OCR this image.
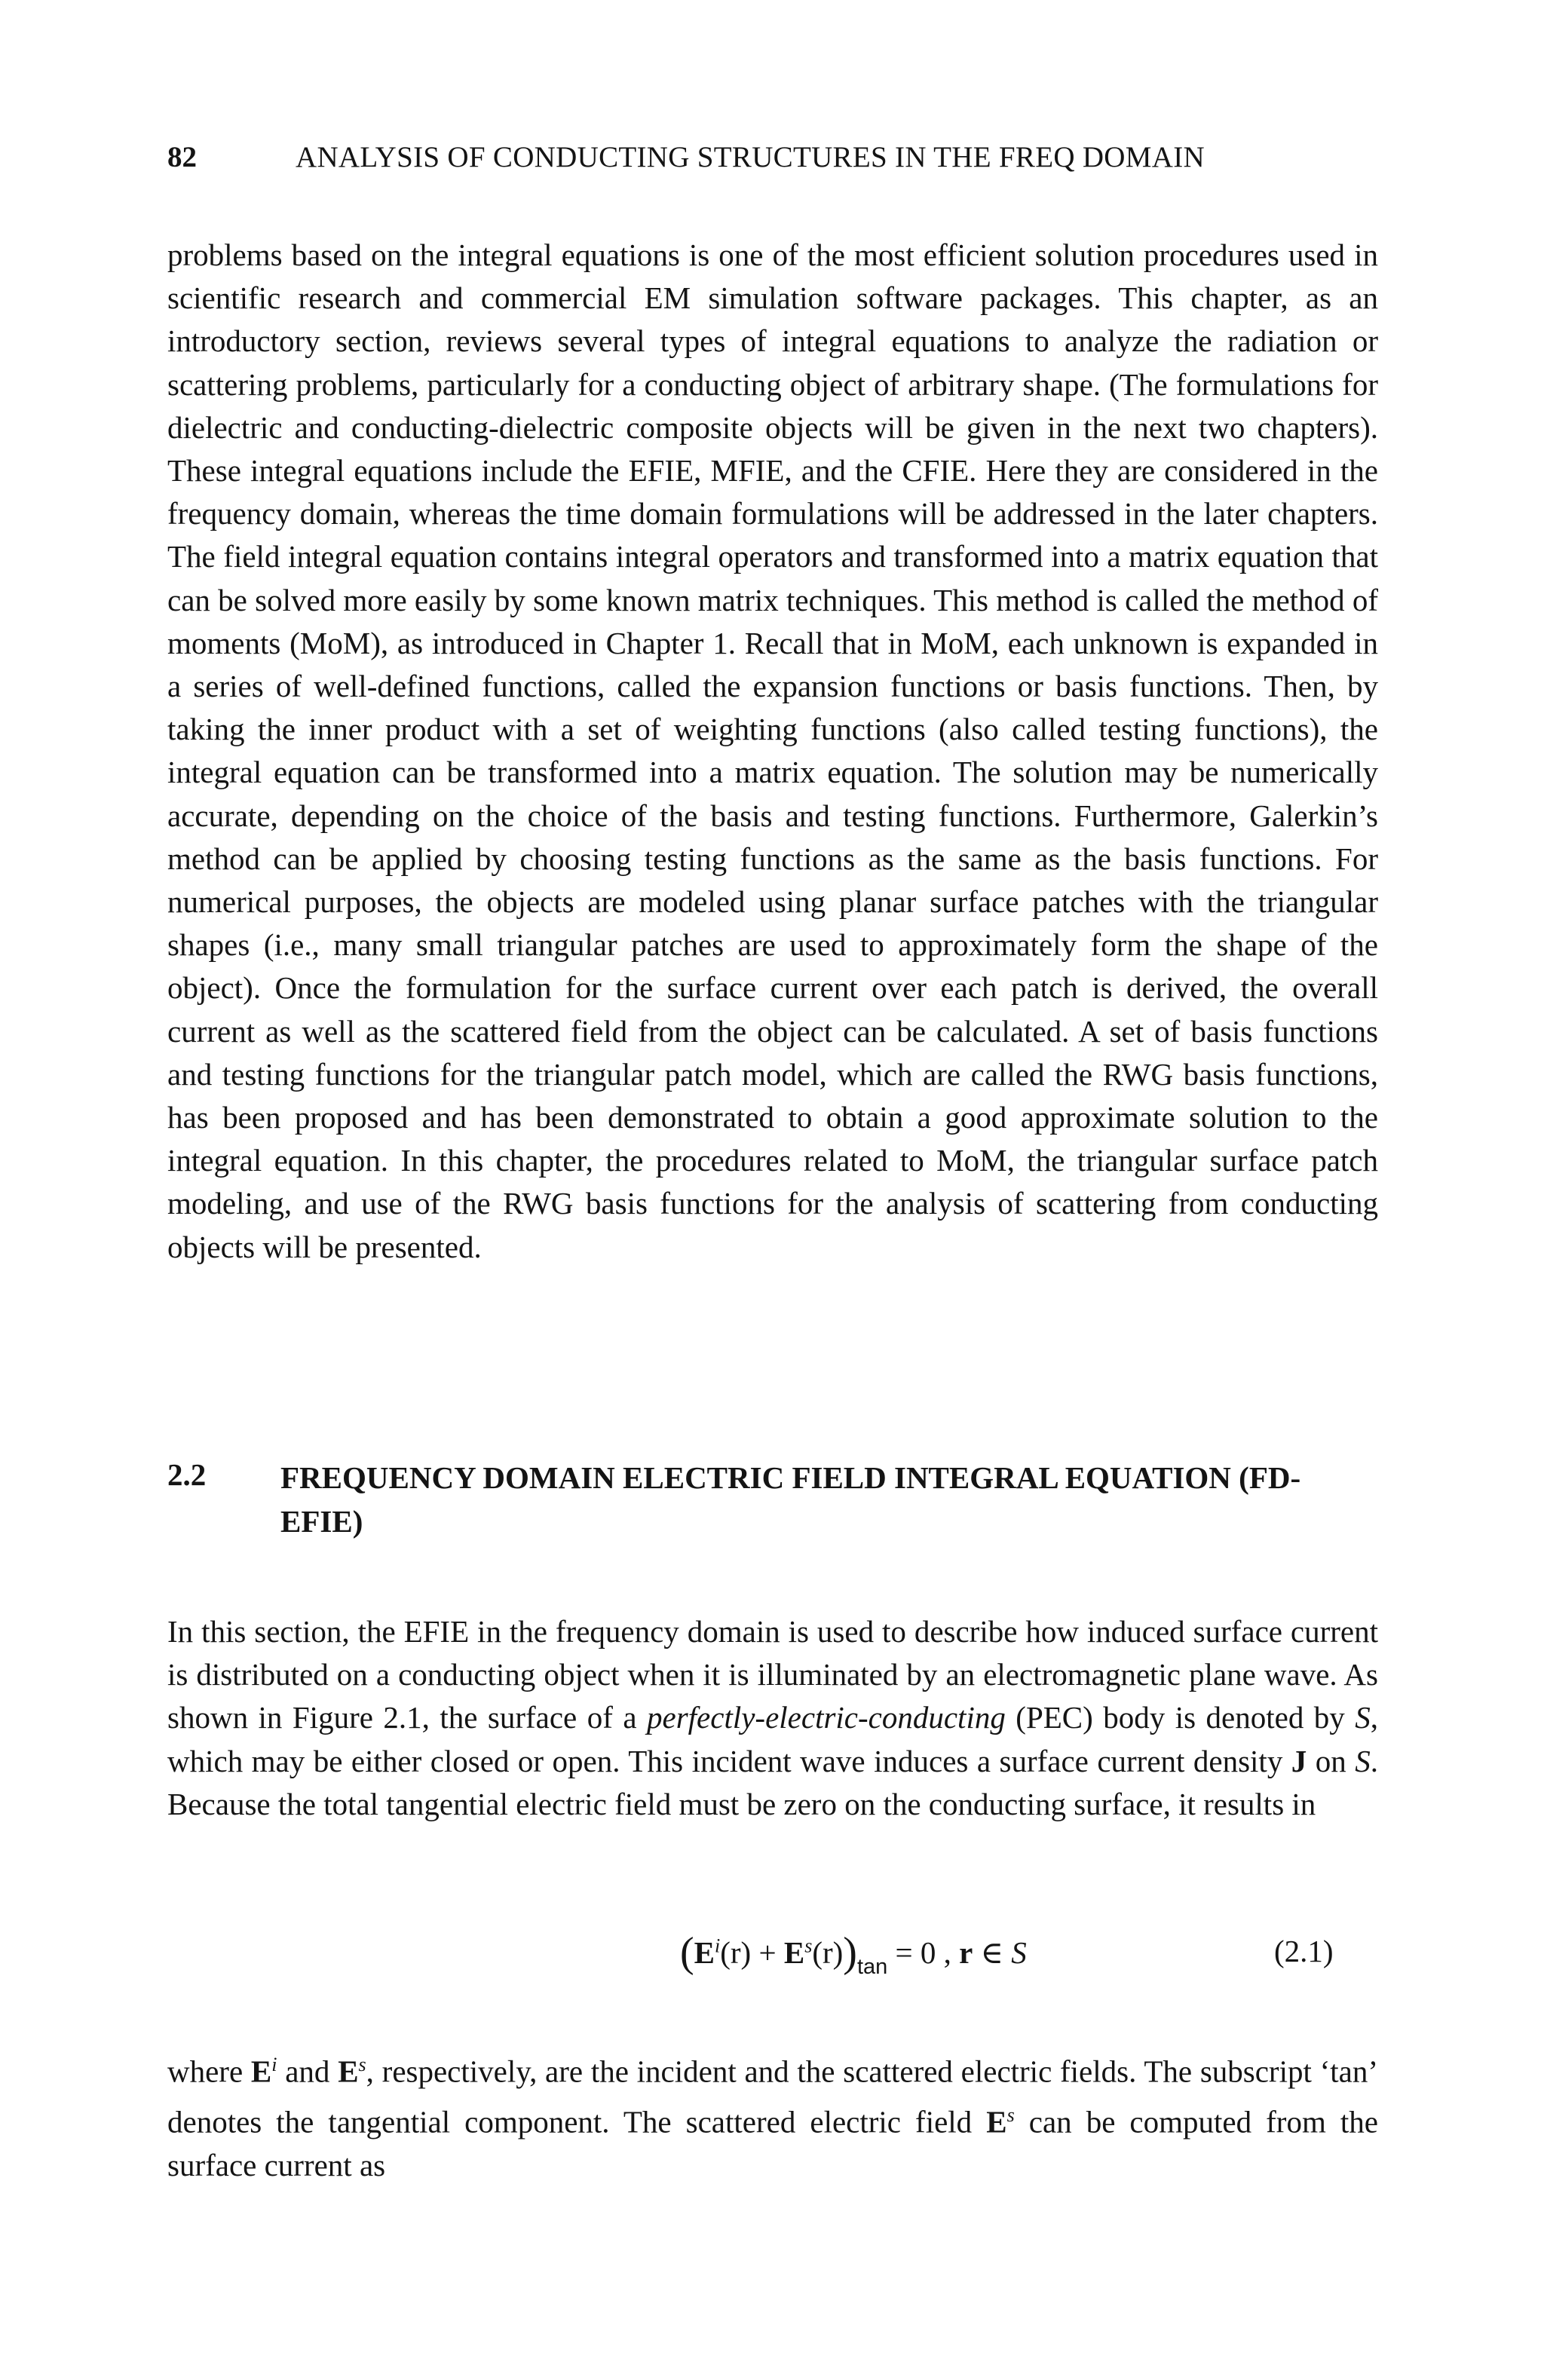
82	ANALYSIS OF CONDUCTING STRUCTURES IN THE FREQ DOMAIN

problems based on the integral equations is one of the most efficient solution procedures used in scientific research and commercial EM simulation software packages. This chapter, as an introductory section, reviews several types of integral equations to analyze the radiation or scattering problems, particularly for a conducting object of arbitrary shape. (The formulations for dielectric and conducting-dielectric composite objects will be given in the next two chapters). These integral equations include the EFIE, MFIE, and the CFIE. Here they are considered in the frequency domain, whereas the time domain formulations will be addressed in the later chapters. The field integral equation contains integral operators and transformed into a matrix equation that can be solved more easily by some known matrix techniques. This method is called the method of moments (MoM), as introduced in Chapter 1. Recall that in MoM, each unknown is expanded in a series of well-defined functions, called the expansion functions or basis functions. Then, by taking the inner product with a set of weighting functions (also called testing functions), the integral equation can be transformed into a matrix equation. The solution may be numerically accurate, depending on the choice of the basis and testing functions. Furthermore, Galerkin’s method can be applied by choosing testing functions as the same as the basis functions. For numerical purposes, the objects are modeled using planar surface patches with the triangular shapes (i.e., many small triangular patches are used to approximately form the shape of the object). Once the formulation for the surface current over each patch is derived, the overall current as well as the scattered field from the object can be calculated. A set of basis functions and testing functions for the triangular patch model, which are called the RWG basis functions, has been proposed and has been demonstrated to obtain a good approximate solution to the integral equation. In this chapter, the procedures related to MoM, the triangular surface patch modeling, and use of the RWG basis functions for the analysis of scattering from conducting objects will be presented.

2.2 FREQUENCY DOMAIN ELECTRIC FIELD INTEGRAL EQUATION (FD-EFIE)

In this section, the EFIE in the frequency domain is used to describe how induced surface current is distributed on a conducting object when it is illuminated by an electromagnetic plane wave. As shown in Figure 2.1, the surface of a perfectly-electric-conducting (PEC) body is denoted by S, which may be either closed or open. This incident wave induces a surface current density J on S. Because the total tangential electric field must be zero on the conducting surface, it results in

$(E^i(r) + E^s(r))_{tan} = 0$ , r ∈ S	(2.1)

where $E^i$ and $E^s$, respectively, are the incident and the scattered electric fields. The subscript ‘tan’ denotes the tangential component. The scattered electric field $E^s$ can be computed from the surface current as
